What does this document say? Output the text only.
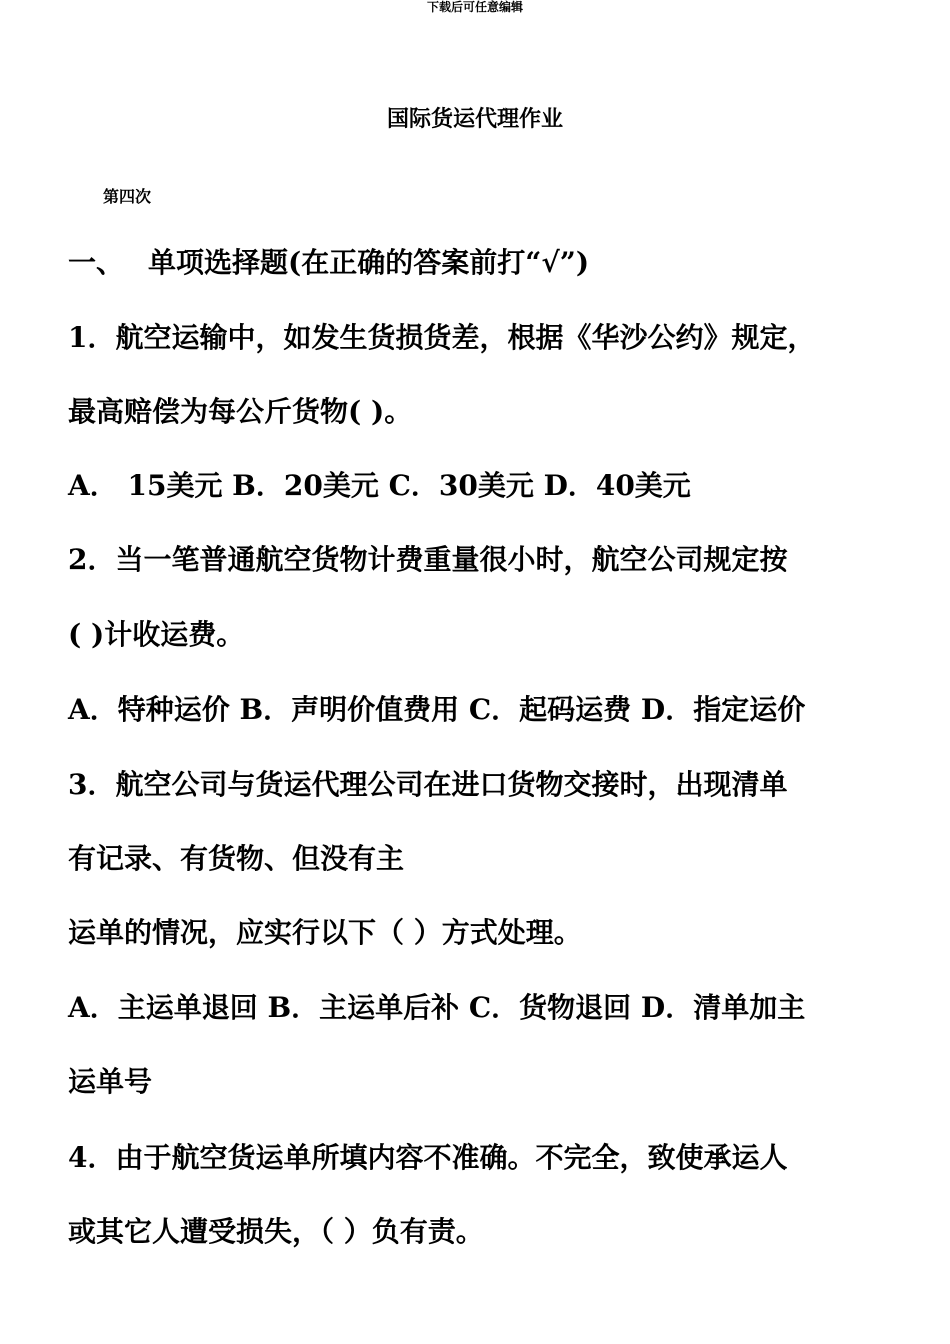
下载后可任意编辑
国际货运代理作业
第四次
一、 单项选择题(在正确的答案前打“√”)
1．航空运输中，如发生货损货差，根据《华沙公约》规定，
最高赔偿为每公斤货物( )。
A． 15美元 B．20美元 C．30美元 D．40美元
2．当一笔普通航空货物计费重量很小时，航空公司规定按
( )计收运费。
A．特种运价 B．声明价值费用 C．起码运费 D．指定运价
3．航空公司与货运代理公司在进口货物交接时，出现清单
有记录、有货物、但没有主
运单的情况，应实行以下（ ）方式处理。
A．主运单退回 B．主运单后补 C．货物退回 D．清单加主
运单号
4．由于航空货运单所填内容不准确。不完全，致使承运人
或其它人遭受损失，（ ）负有责。
